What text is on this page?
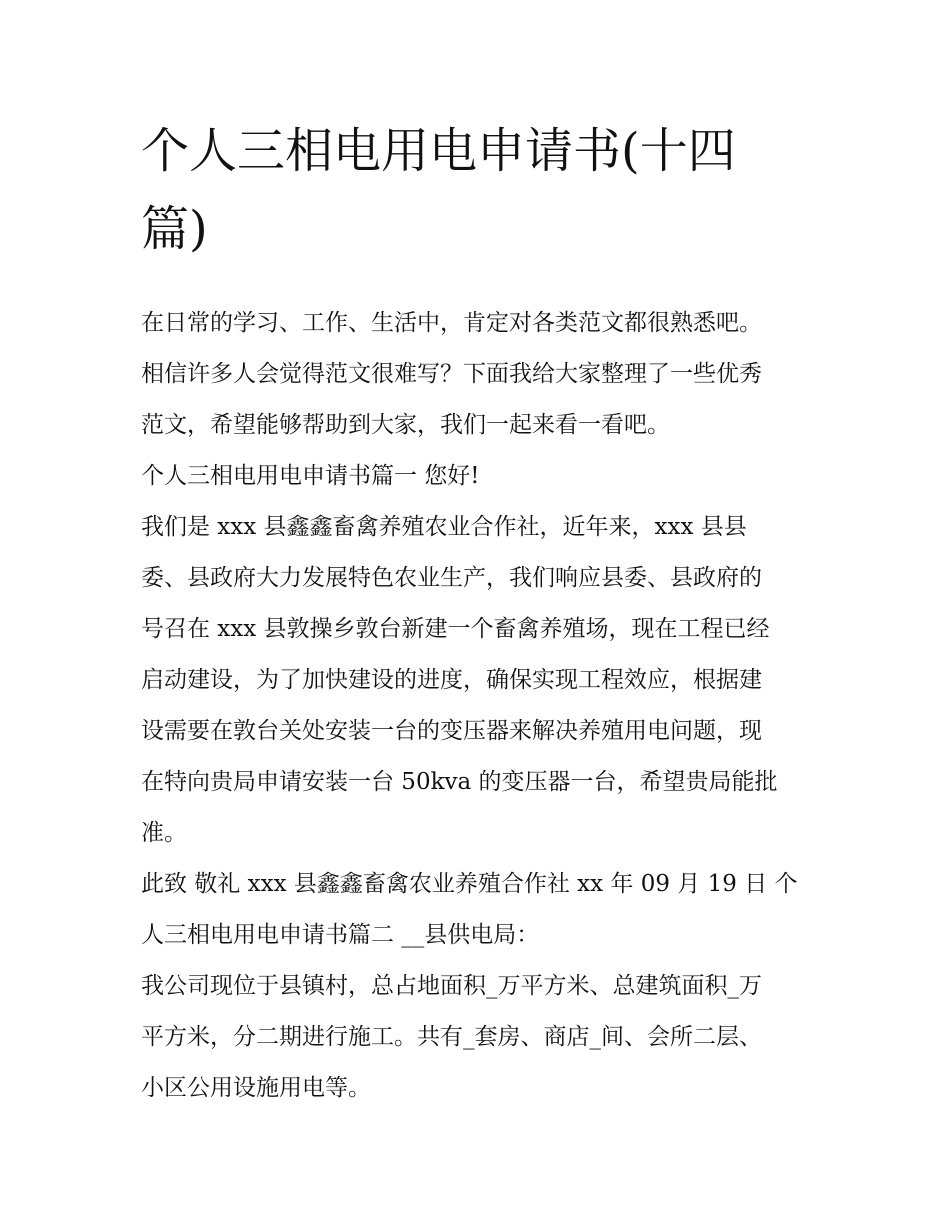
个人三相电用电申请书(十四
篇)

在日常的学习、工作、生活中，肯定对各类范文都很熟悉吧。
相信许多人会觉得范文很难写？下面我给大家整理了一些优秀
范文，希望能够帮助到大家，我们一起来看一看吧。

个人三相电用电申请书篇一 您好!

我们是 xxx 县鑫鑫畜禽养殖农业合作社，近年来，xxx 县县
委、县政府大力发展特色农业生产，我们响应县委、县政府的
号召在 xxx 县敦操乡敦台新建一个畜禽养殖场，现在工程已经
启动建设，为了加快建设的进度，确保实现工程效应，根据建
设需要在敦台关处安装一台的变压器来解决养殖用电问题，现
在特向贵局申请安装一台 50kva 的变压器一台，希望贵局能批
准。

此致 敬礼 xxx 县鑫鑫畜禽农业养殖合作社 xx 年 09 月 19 日 个
人三相电用电申请书篇二 __县供电局：

我公司现位于县镇村，总占地面积_万平方米、总建筑面积_万
平方米，分二期进行施工。共有_套房、商店_间、会所二层、
小区公用设施用电等。
